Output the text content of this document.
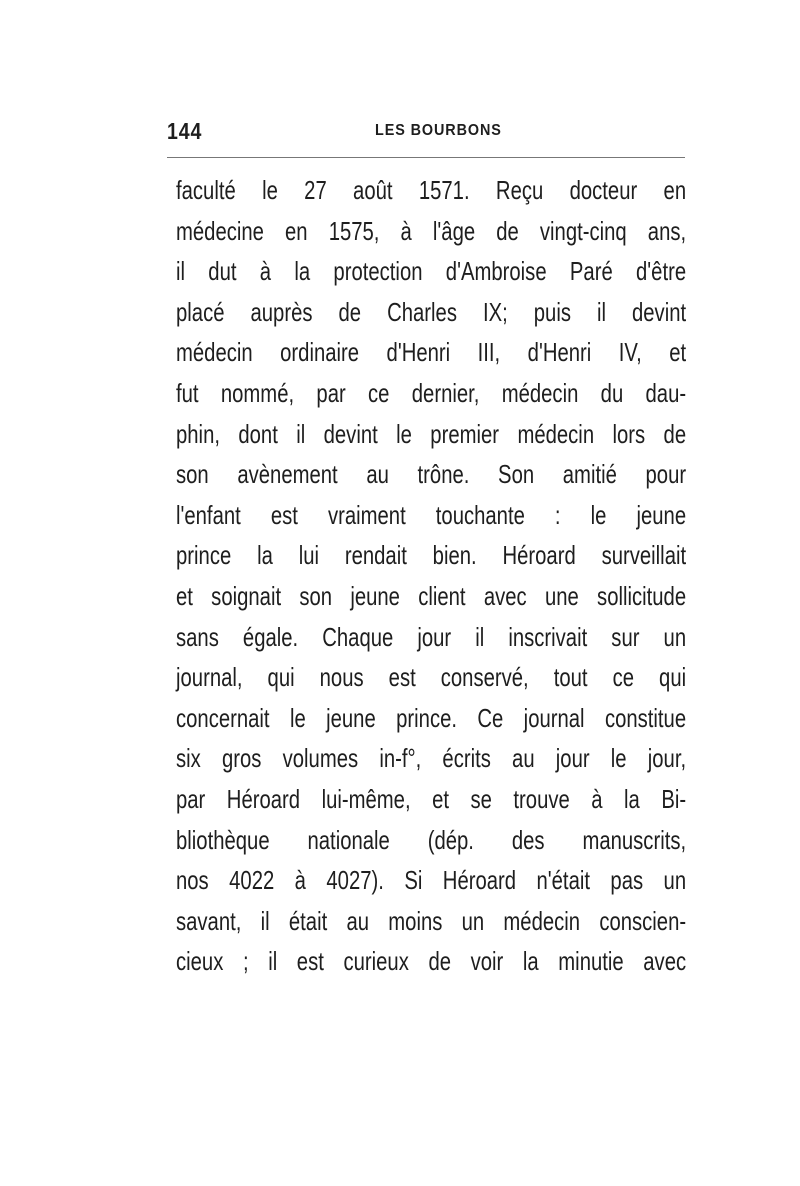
144	LES BOURBONS
faculté le 27 août 1571. Reçu docteur en
médecine en 1575, à l'âge de vingt-cinq ans,
il dut à la protection d'Ambroise Paré d'être
placé auprès de Charles IX; puis il devint
médecin ordinaire d'Henri III, d'Henri IV, et
fut nommé, par ce dernier, médecin du dau-
phin, dont il devint le premier médecin lors de
son avènement au trône. Son amitié pour
l'enfant est vraiment touchante : le jeune
prince la lui rendait bien. Héroard surveillait
et soignait son jeune client avec une sollicitude
sans égale. Chaque jour il inscrivait sur un
journal, qui nous est conservé, tout ce qui
concernait le jeune prince. Ce journal constitue
six gros volumes in-f°, écrits au jour le jour,
par Héroard lui-même, et se trouve à la Bi-
bliothèque nationale (dép. des manuscrits,
nos 4022 à 4027). Si Héroard n'était pas un
savant, il était au moins un médecin conscien-
cieux ; il est curieux de voir la minutie avec
